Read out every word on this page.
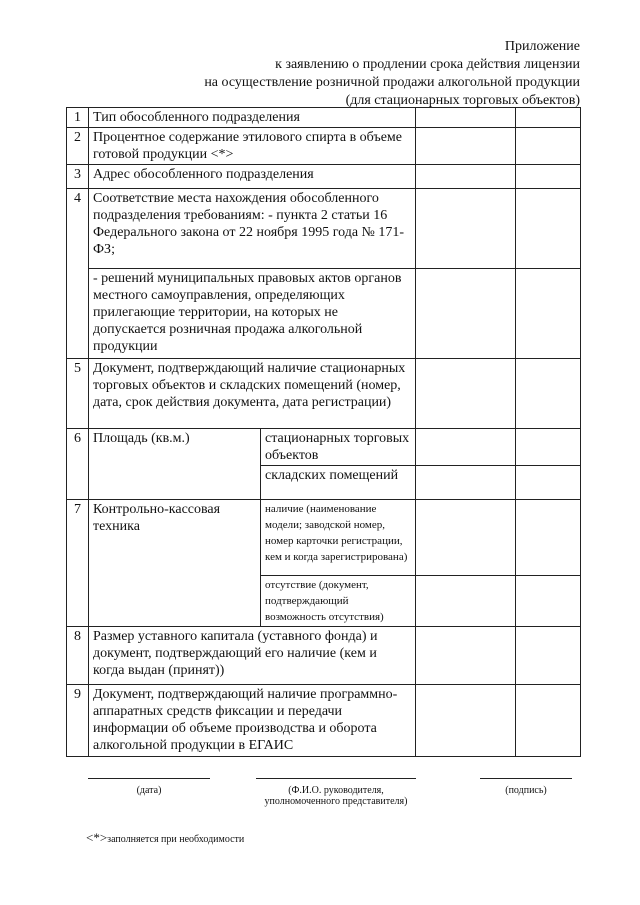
Приложение
к заявлению о продлении срока действия лицензии
на осуществление розничной продажи алкогольной продукции
(для стационарных торговых объектов)
1	Тип обособленного подразделения			
2	Процентное содержание этилового спирта в объеме готовой продукции <*>			
3	Адрес обособленного подразделения			
4	Соответствие места нахождения обособленного подразделения требованиям: - пункта 2 статьи 16 Федерального закона от 22 ноября 1995 года № 171-ФЗ;			
	- решений муниципальных правовых актов органов местного самоуправления, определяющих прилегающие территории, на которых не допускается розничная продажа алкогольной продукции			
5	Документ, подтверждающий наличие стационарных торговых объектов и складских помещений (номер, дата, срок действия документа, дата регистрации)			
6	Площадь (кв.м.)	стационарных торговых объектов		
		складских помещений		
7	Контрольно-кассовая техника	наличие (наименование модели; заводской номер, номер карточки регистрации, кем и когда зарегистрирована)		
		отсутствие (документ, подтверждающий возможность отсутствия)		
8	Размер уставного капитала (уставного фонда) и документ, подтверждающий его наличие (кем и когда выдан (принят))			
9	Документ, подтверждающий наличие программно-аппаратных средств фиксации и передачи информации об объеме производства и оборота алкогольной продукции в ЕГАИС			
(дата)	(Ф.И.О. руководителя, уполномоченного представителя)
(подпись)
<*>заполняется при необходимости
